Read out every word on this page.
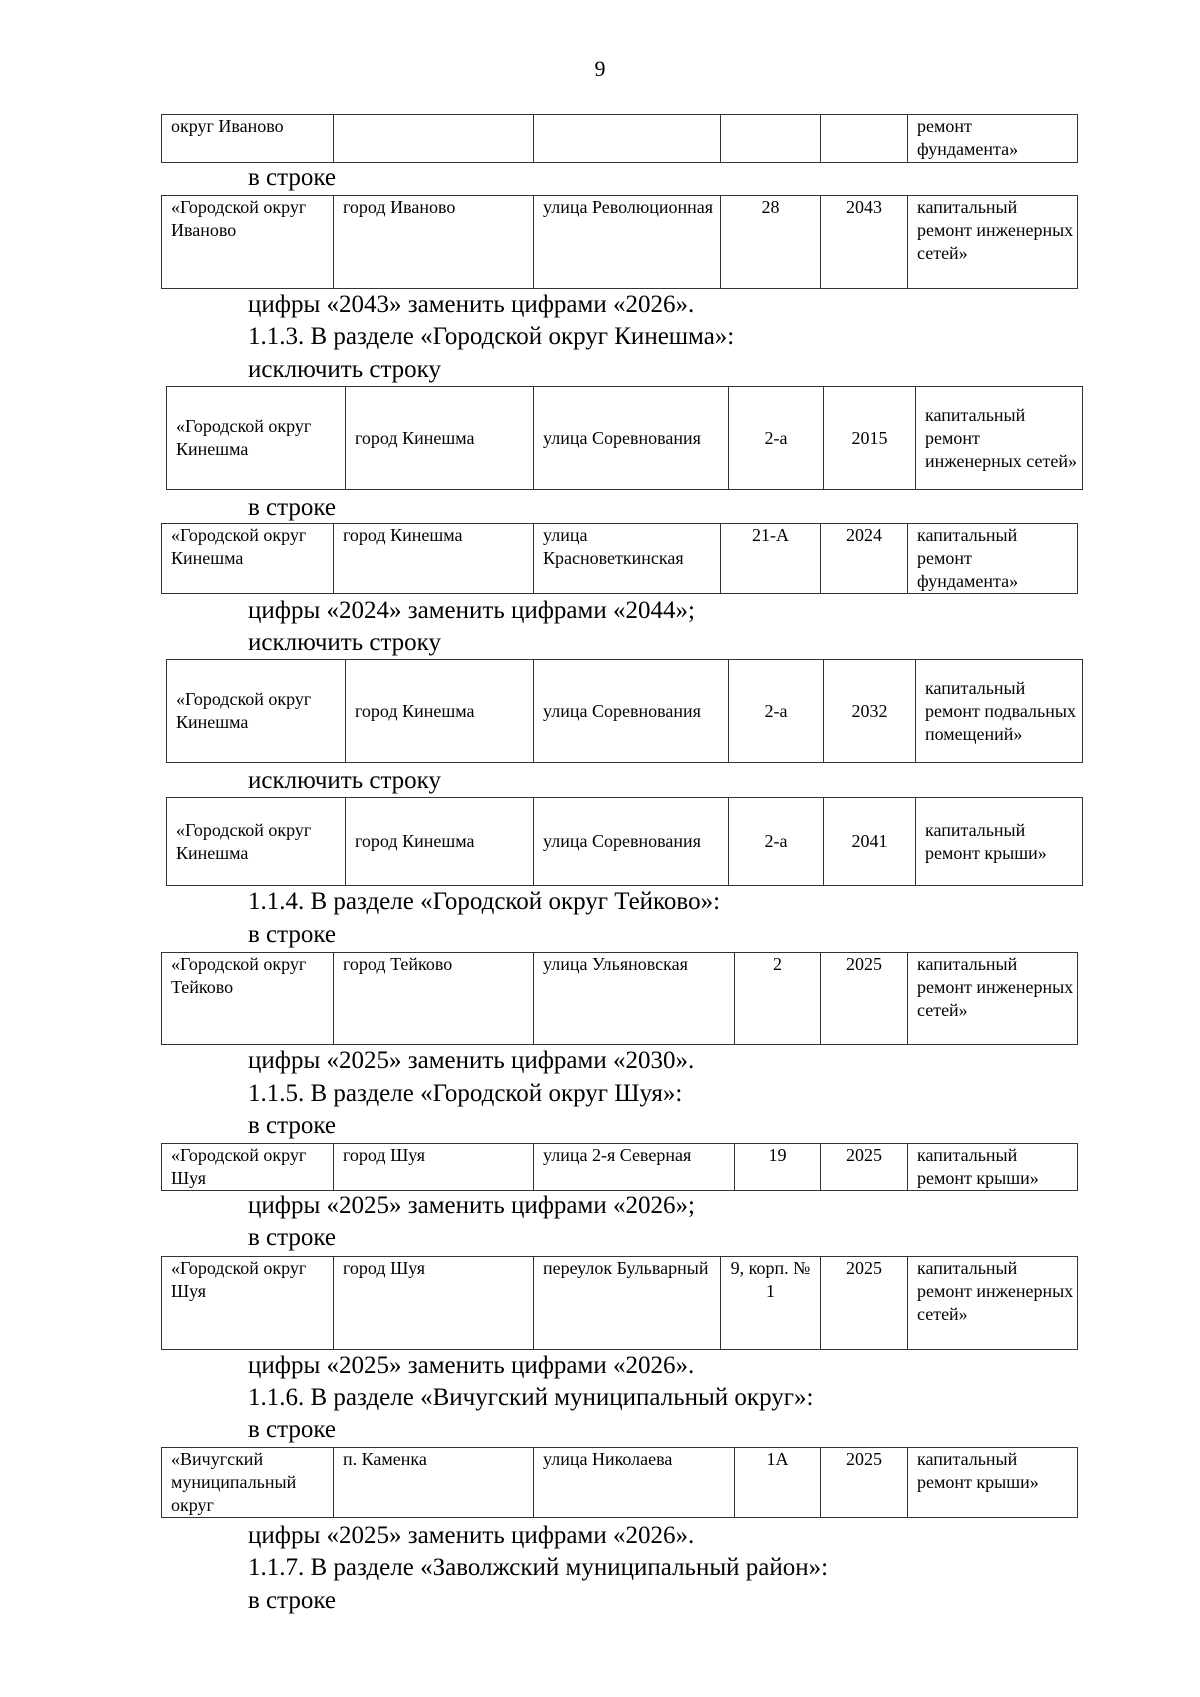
9
округ Иваново					ремонт фундамента»
в строке
«Городской округ Иваново	город Иваново	улица Революционная	28	2043	капитальный ремонт инженерных сетей»
цифры «2043» заменить цифрами «2026».
1.1.3. В разделе «Городской округ Кинешма»:
исключить строку
«Городской округ Кинешма	город Кинешма	улица Соревнования	2-а	2015	капитальный ремонт инженерных сетей»
в строке
«Городской округ Кинешма	город Кинешма	улица Красноветкинская	21-А	2024	капитальный ремонт фундамента»
цифры «2024» заменить цифрами «2044»;
исключить строку
«Городской округ Кинешма	город Кинешма	улица Соревнования	2-а	2032	капитальный ремонт подвальных помещений»
исключить строку
«Городской округ Кинешма	город Кинешма	улица Соревнования	2-а	2041	капитальный ремонт крыши»
1.1.4. В разделе «Городской округ Тейково»:
в строке
«Городской округ Тейково	город Тейково	улица Ульяновская	2	2025	капитальный ремонт инженерных сетей»
цифры «2025» заменить цифрами «2030».
1.1.5. В разделе «Городской округ Шуя»:
в строке
«Городской округ Шуя	город Шуя	улица 2-я Северная	19	2025	капитальный ремонт крыши»
цифры «2025» заменить цифрами «2026»;
в строке
«Городской округ Шуя	город Шуя	переулок Бульварный	9, корп. № 1	2025	капитальный ремонт инженерных сетей»
цифры «2025» заменить цифрами «2026».
1.1.6. В разделе «Вичугский муниципальный округ»:
в строке
«Вичугский муниципальный округ	п. Каменка	улица Николаева	1А	2025	капитальный ремонт крыши»
цифры «2025» заменить цифрами «2026».
1.1.7. В разделе «Заволжский муниципальный район»:
в строке
